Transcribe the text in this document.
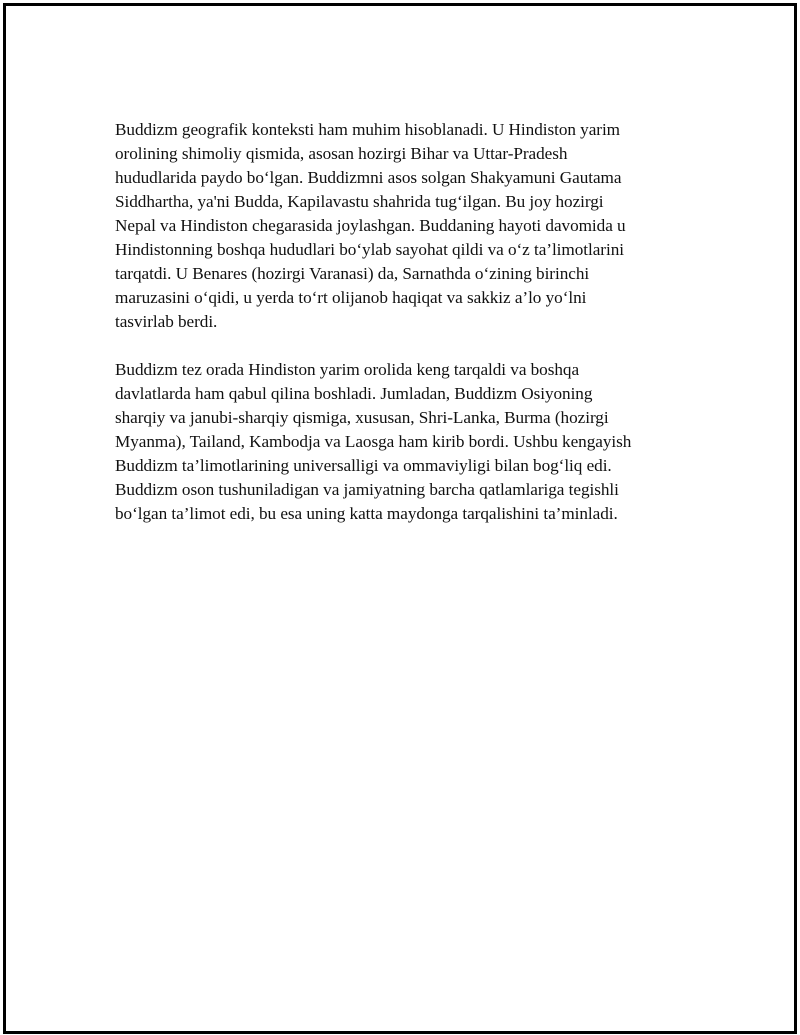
Buddizm geografik konteksti ham muhim hisoblanadi. U Hindiston yarim
orolining shimoliy qismida, asosan hozirgi Bihar va Uttar-Pradesh
hududlarida paydo bo‘lgan. Buddizmni asos solgan Shakyamuni Gautama
Siddhartha, ya'ni Budda, Kapilavastu shahrida tug‘ilgan. Bu joy hozirgi
Nepal va Hindiston chegarasida joylashgan. Buddaning hayoti davomida u
Hindistonning boshqa hududlari bo‘ylab sayohat qildi va o‘z ta’limotlarini
tarqatdi. U Benares (hozirgi Varanasi) da, Sarnathda o‘zining birinchi
maruzasini o‘qidi, u yerda to‘rt olijanob haqiqat va sakkiz a’lo yo‘lni
tasvirlab berdi.
Buddizm tez orada Hindiston yarim orolida keng tarqaldi va boshqa
davlatlarda ham qabul qilina boshladi. Jumladan, Buddizm Osiyoning
sharqiy va janubi-sharqiy qismiga, xususan, Shri-Lanka, Burma (hozirgi
Myanma), Tailand, Kambodja va Laosga ham kirib bordi. Ushbu kengayish
Buddizm ta’limotlarining universalligi va ommaviyligi bilan bog‘liq edi.
Buddizm oson tushuniladigan va jamiyatning barcha qatlamlariga tegishli
bo‘lgan ta’limot edi, bu esa uning katta maydonga tarqalishini ta’minladi.
